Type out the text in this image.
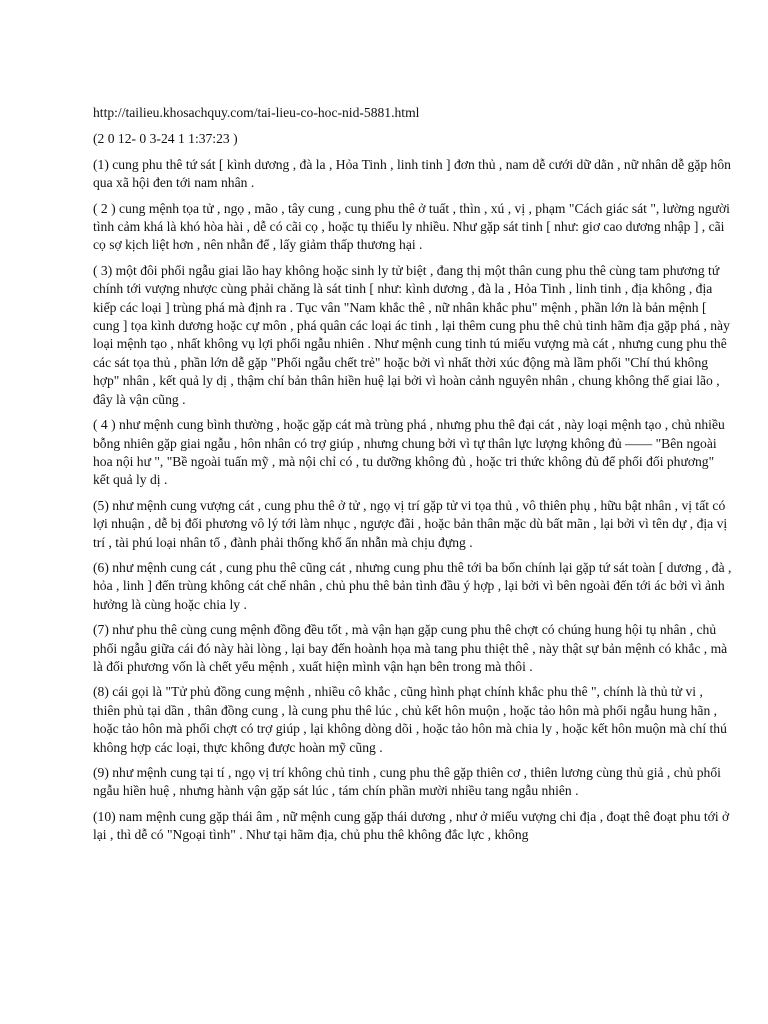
http://tailieu.khosachquy.com/tai-lieu-co-hoc-nid-5881.html

(2 0 12- 0 3-24 1 1:37:23 )

(1) cung phu thê tứ sát [ kình dương , đà la , Hỏa Tinh , linh tinh ] đơn thủ , nam dễ cưới dữ dằn , nữ nhân dễ gặp hôn qua xã hội đen tới nam nhân .

( 2 ) cung mệnh tọa tử , ngọ , mão , tây cung , cung phu thê ở tuất , thìn , xú , vị , phạm "Cách giác sát ", lường người tình cảm khá là khó hòa hài , dễ có cãi cọ , hoặc tụ thiểu ly nhiều. Như gặp sát tinh [ như: giơ cao dương nhập ] , cãi cọ sợ kịch liệt hơn , nên nhẫn để , lấy giảm thấp thương hại .

( 3) một đôi phối ngẫu giai lão hay không hoặc sinh ly tử biệt , đang thị một thân cung phu thê cùng tam phương tứ chính tới vượng nhược cùng phải chăng là sát tinh [ như: kình dương , đà la , Hỏa Tinh , linh tinh , địa không , địa kiếp các loại ] trùng phá mà định ra . Tục vân "Nam khắc thê , nữ nhân khắc phu" mệnh , phần lớn là bản mệnh [ cung ] tọa kình dương hoặc cự môn , phá quân các loại ác tinh , lại thêm cung phu thê chủ tinh hãm địa gặp phá , này loại mệnh tạo , nhất không vụ lợi phối ngẫu nhiên . Như mệnh cung tinh tú miếu vượng mà cát , nhưng cung phu thê các sát tọa thủ , phần lớn dễ gặp "Phối ngẫu chết trẻ" hoặc bởi vì nhất thời xúc động mà lầm phối "Chí thú không hợp" nhân , kết quả ly dị , thậm chí bản thân hiền huệ lại bởi vì hoàn cảnh nguyên nhân , chung không thể giai lão , đây là vận cũng .

( 4 ) như mệnh cung bình thường , hoặc gặp cát mà trùng phá , nhưng phu thê đại cát , này loại mệnh tạo , chủ nhiều bỗng nhiên gặp giai ngẫu , hôn nhân có trợ giúp , nhưng chung bởi vì tự thân lực lượng không đủ —— "Bên ngoài hoa nội hư ", "Bề ngoài tuấn mỹ , mà nội chỉ có , tu dưỡng không đủ , hoặc tri thức không đủ để phối đối phương" kết quả ly dị .

(5) như mệnh cung vượng cát , cung phu thê ở tử , ngọ vị trí gặp tử vi tọa thủ , vô thiên phụ , hữu bật nhân , vị tất có lợi nhuận , dễ bị đối phương vô lý tới làm nhục , ngược đãi , hoặc bản thân mặc dù bất mãn , lại bởi vì tên dự , địa vị trí , tài phú loại nhân tố , đành phải thống khổ ẩn nhẫn mà chịu đựng .

(6) như mệnh cung cát , cung phu thê cũng cát , nhưng cung phu thê tới ba bốn chính lại gặp tứ sát toàn [ dương , đà , hỏa , linh ] đến trùng không cát chế nhân , chủ phu thê bản tình đầu ý hợp , lại bởi vì bên ngoài đến tới ác bởi vì ảnh hưởng là cùng hoặc chia ly .

(7) như phu thê cùng cung mệnh đồng đều tốt , mà vận hạn gặp cung phu thê chợt có chúng hung hội tụ nhân , chủ phối ngẫu giữa cái đó này hài lòng , lại bay đến hoành họa mà tang phu thiệt thê , này thật sự bản mệnh có khắc , mà là đối phương vốn là chết yểu mệnh , xuất hiện mình vận hạn bên trong mà thôi .

(8) cái gọi là "Tử phủ đồng cung mệnh , nhiều cô khắc , cũng hình phạt chính khắc phu thê ", chính là thủ tử vi , thiên phủ tại dần , thân đồng cung , là cung phu thê lúc , chủ kết hôn muộn , hoặc tảo hôn mà phối ngẫu hung hãn , hoặc tảo hôn mà phối chợt có trợ giúp , lại không dòng dõi , hoặc tảo hôn mà chia ly , hoặc kết hôn muộn mà chí thú không hợp các loại, thực không được hoàn mỹ cũng .

(9) như mệnh cung tại tí , ngọ vị trí không chủ tinh , cung phu thê gặp thiên cơ , thiên lương cùng thủ giả , chủ phối ngẫu hiền huệ , nhưng hành vận gặp sát lúc , tám chín phần mười nhiều tang ngẫu nhiên .

(10) nam mệnh cung gặp thái âm , nữ mệnh cung gặp thái dương , như ở miếu vượng chi địa , đoạt thê đoạt phu tới ở lại , thì dễ có "Ngoại tình" . Như tại hãm địa, chủ phu thê không đắc lực , không
